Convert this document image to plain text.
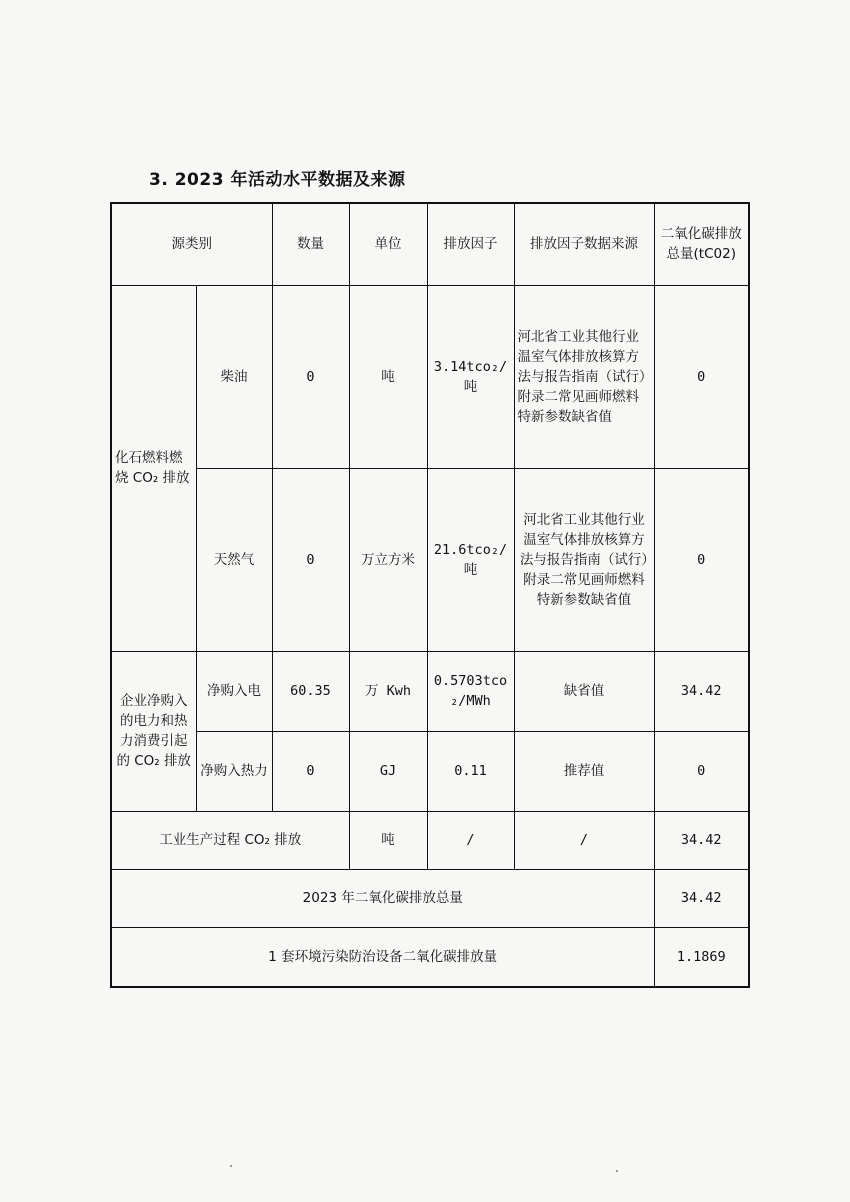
3. 2023 年活动水平数据及来源
源类别		数量	单位	排放因子	排放因子数据来源	二氧化碳排放总量(tC02)
化石燃料燃烧 CO₂ 排放	柴油	0	吨	3.14tco₂/吨	河北省工业其他行业温室气体排放核算方法与报告指南（试行）附录二常见画师燃料特新参数缺省值	0
	天然气	0	万立方米	21.6tco₂/吨	河北省工业其他行业温室气体排放核算方法与报告指南（试行）附录二常见画师燃料特新参数缺省值	0
企业净购入的电力和热力消费引起的 CO₂ 排放	净购入电	60.35	万 Kwh	0.5703tco₂/MWh	缺省值	34.42
	净购入热力	0	GJ	0.11	推荐值	0
工业生产过程 CO₂ 排放			吨	/	/	34.42
2023 年二氧化碳排放总量						34.42
1 套环境污染防治设备二氧化碳排放量						1.1869
